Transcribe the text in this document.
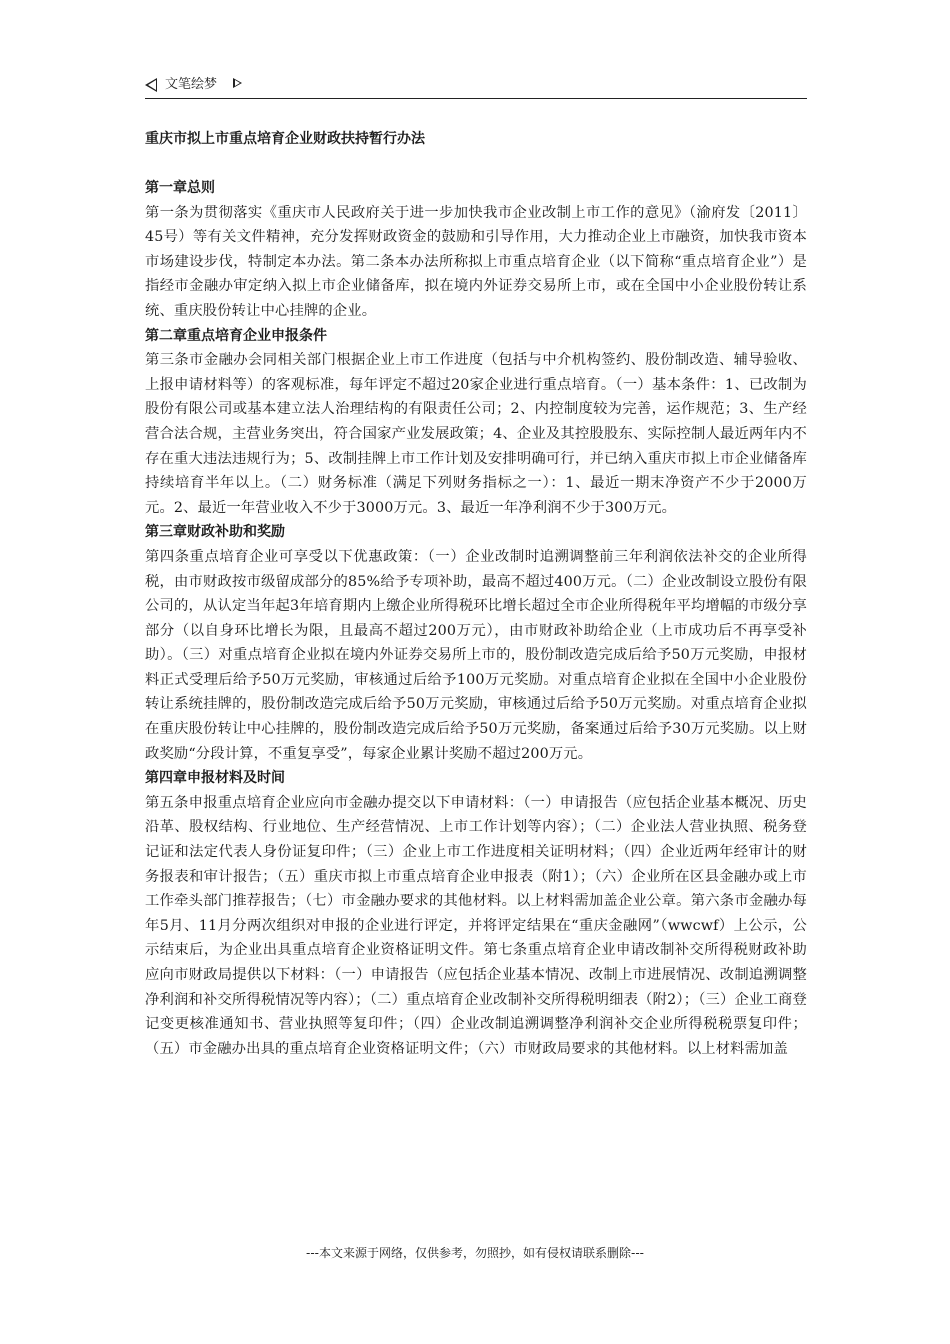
文笔绘梦
重庆市拟上市重点培育企业财政扶持暂行办法
第一章总则

第一条为贯彻落实《重庆市人民政府关于进一步加快我市企业改制上市工作的意见》（渝府发〔2011〕45号）等有关文件精神，充分发挥财政资金的鼓励和引导作用，大力推动企业上市融资，加快我市资本市场建设步伐，特制定本办法。第二条本办法所称拟上市重点培育企业（以下简称“重点培育企业”）是指经市金融办审定纳入拟上市企业储备库，拟在境内外证券交易所上市，或在全国中小企业股份转让系统、重庆股份转让中心挂牌的企业。

第二章重点培育企业申报条件

第三条市金融办会同相关部门根据企业上市工作进度（包括与中介机构签约、股份制改造、辅导验收、上报申请材料等）的客观标准，每年评定不超过20家企业进行重点培育。（一）基本条件：1、已改制为股份有限公司或基本建立法人治理结构的有限责任公司；2、内控制度较为完善，运作规范；3、生产经营合法合规，主营业务突出，符合国家产业发展政策；4、企业及其控股股东、实际控制人最近两年内不存在重大违法违规行为；5、改制挂牌上市工作计划及安排明确可行，并已纳入重庆市拟上市企业储备库持续培育半年以上。（二）财务标准（满足下列财务指标之一）：1、最近一期末净资产不少于2000万元。2、最近一年营业收入不少于3000万元。3、最近一年净利润不少于300万元。

第三章财政补助和奖励

第四条重点培育企业可享受以下优惠政策：（一）企业改制时追溯调整前三年利润依法补交的企业所得税，由市财政按市级留成部分的85%给予专项补助，最高不超过400万元。（二）企业改制设立股份有限公司的，从认定当年起3年培育期内上缴企业所得税环比增长超过全市企业所得税年平均增幅的市级分享部分（以自身环比增长为限，且最高不超过200万元），由市财政补助给企业（上市成功后不再享受补助）。（三）对重点培育企业拟在境内外证券交易所上市的，股份制改造完成后给予50万元奖励，申报材料正式受理后给予50万元奖励，审核通过后给予100万元奖励。对重点培育企业拟在全国中小企业股份转让系统挂牌的，股份制改造完成后给予50万元奖励，审核通过后给予50万元奖励。对重点培育企业拟在重庆股份转让中心挂牌的，股份制改造完成后给予50万元奖励，备案通过后给予30万元奖励。以上财政奖励“分段计算，不重复享受”，每家企业累计奖励不超过200万元。

第四章申报材料及时间

第五条申报重点培育企业应向市金融办提交以下申请材料：（一）申请报告（应包括企业基本概况、历史沿革、股权结构、行业地位、生产经营情况、上市工作计划等内容）；（二）企业法人营业执照、税务登记证和法定代表人身份证复印件；（三）企业上市工作进度相关证明材料；（四）企业近两年经审计的财务报表和审计报告；（五）重庆市拟上市重点培育企业申报表（附1）；（六）企业所在区县金融办或上市工作牵头部门推荐报告；（七）市金融办要求的其他材料。以上材料需加盖企业公章。第六条市金融办每年5月、11月分两次组织对申报的企业进行评定，并将评定结果在“重庆金融网”（wwcwf）上公示，公示结束后，为企业出具重点培育企业资格证明文件。第七条重点培育企业申请改制补交所得税财政补助应向市财政局提供以下材料：（一）申请报告（应包括企业基本情况、改制上市进展情况、改制追溯调整净利润和补交所得税情况等内容）；（二）重点培育企业改制补交所得税明细表（附2）；（三）企业工商登记变更核准通知书、营业执照等复印件；（四）企业改制追溯调整净利润补交企业所得税税票复印件；（五）市金融办出具的重点培育企业资格证明文件；（六）市财政局要求的其他材料。以上材料需加盖

---本文来源于网络，仅供参考，勿照抄，如有侵权请联系删除---
